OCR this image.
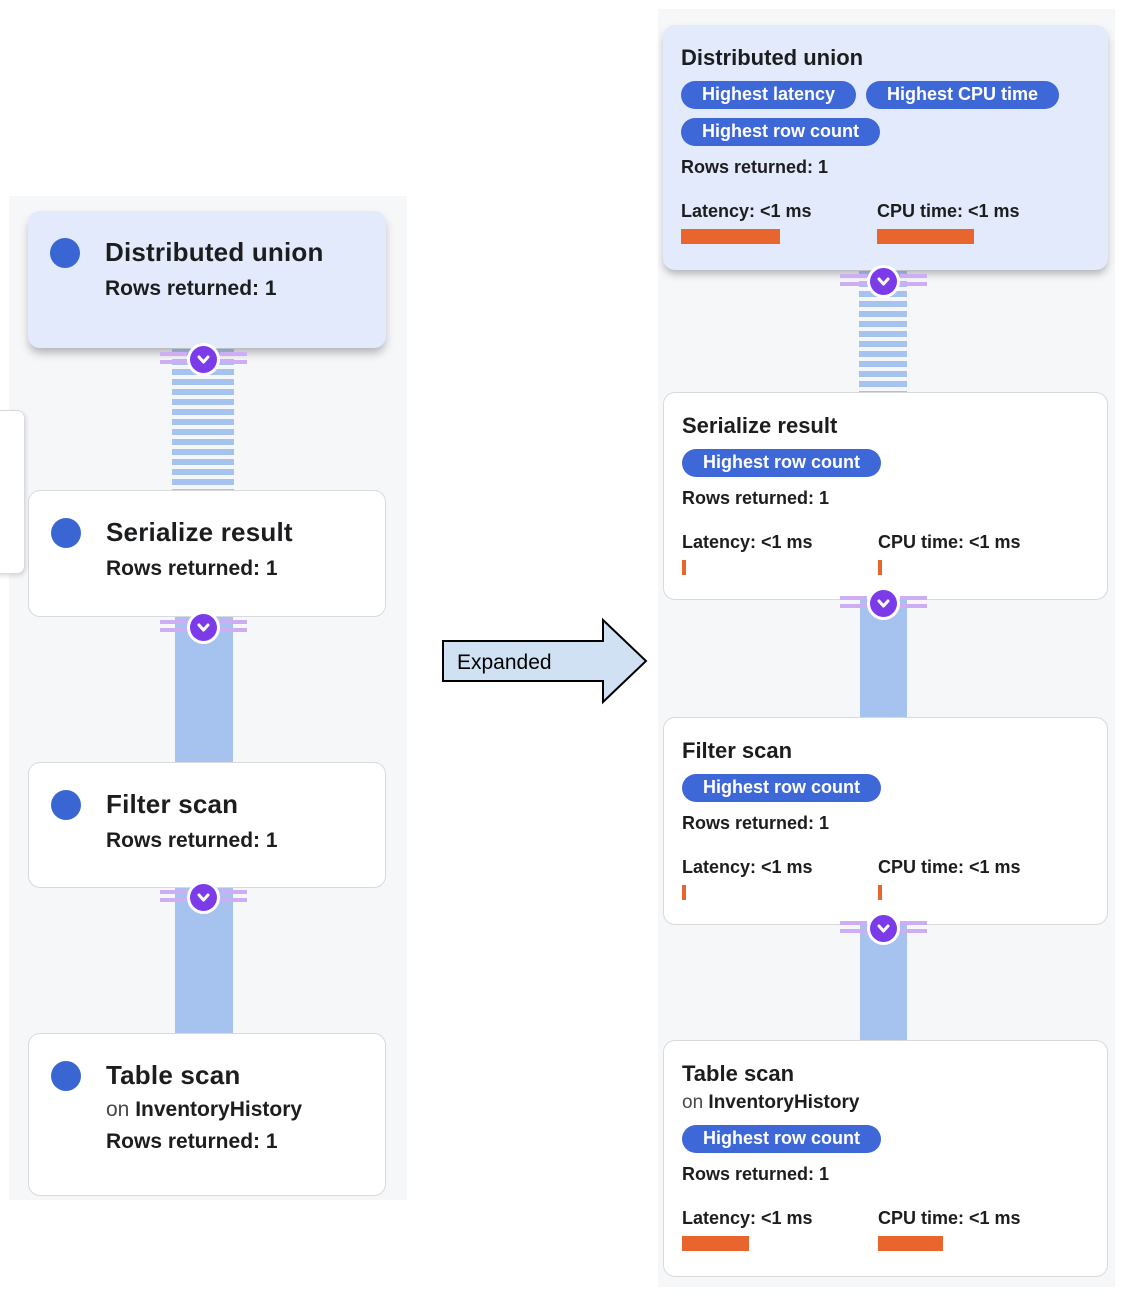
Distributed union
Rows returned: 1
Serialize result
Rows returned: 1
Filter scan
Rows returned: 1
Table scan
on InventoryHistory
Rows returned: 1
Expanded
Distributed union
Highest latency	Highest CPU time
Highest row count
Rows returned: 1
Latency: <1 ms	CPU time: <1 ms
Serialize result
Highest row count
Rows returned: 1
Latency: <1 ms	CPU time: <1 ms
Filter scan
Highest row count
Rows returned: 1
Latency: <1 ms	CPU time: <1 ms
Table scan
on InventoryHistory
Highest row count
Rows returned: 1
Latency: <1 ms	CPU time: <1 ms
